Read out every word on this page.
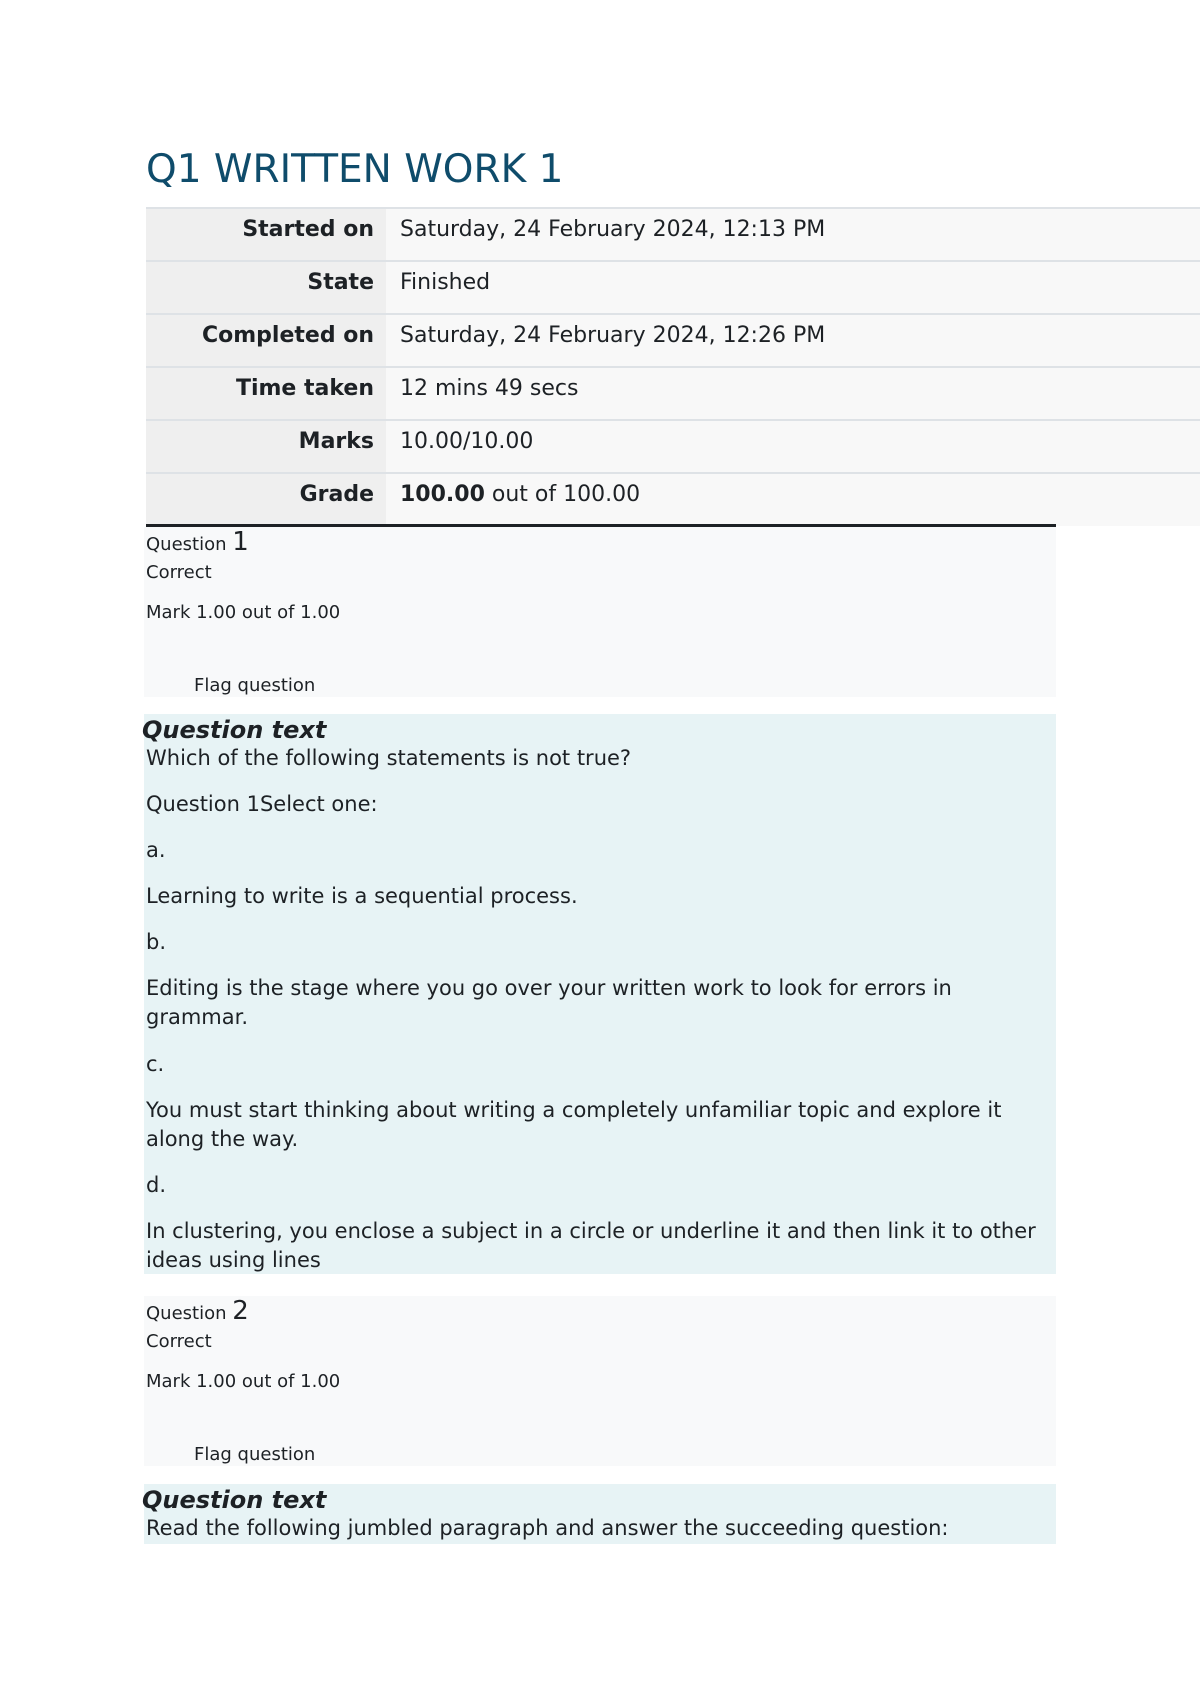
Q1 WRITTEN WORK 1
Started on	Saturday, 24 February 2024, 12:13 PM
State	Finished
Completed on	Saturday, 24 February 2024, 12:26 PM
Time taken	12 mins 49 secs
Marks	10.00/10.00
Grade	100.00 out of 100.00
Question 1
Correct
Mark 1.00 out of 1.00
Flag question
Question text

Which of the following statements is not true?

Question 1Select one:

a.

Learning to write is a sequential process.

b.

Editing is the stage where you go over your written work to look for errors in grammar.

c.

You must start thinking about writing a completely unfamiliar topic and explore it along the way.

d.

In clustering, you enclose a subject in a circle or underline it and then link it to other ideas using lines

Question 2
Correct
Mark 1.00 out of 1.00
Flag question
Question text

Read the following jumbled paragraph and answer the succeeding question:
